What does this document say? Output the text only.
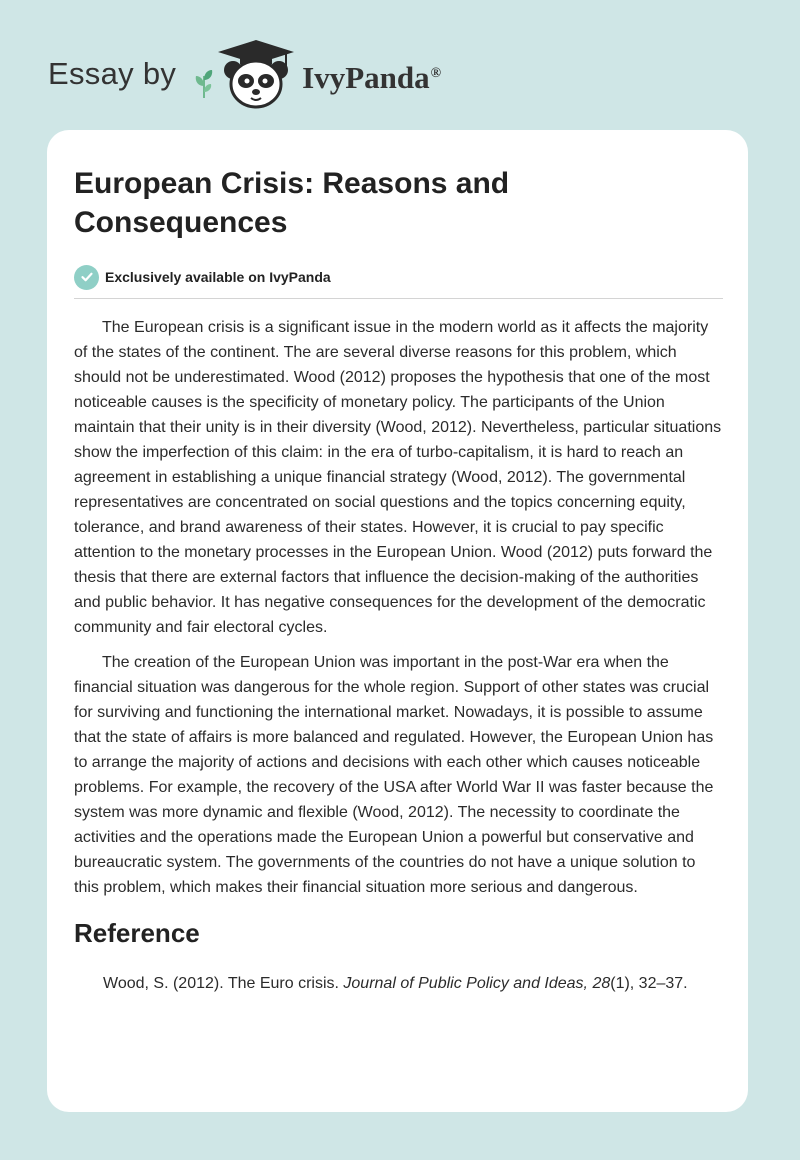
Essay by	IvyPanda®
European Crisis: Reasons and Consequences
Exclusively available on IvyPanda

The European crisis is a significant issue in the modern world as it affects the majority of the states of the continent. The are several diverse reasons for this problem, which should not be underestimated. Wood (2012) proposes the hypothesis that one of the most noticeable causes is the specificity of monetary policy. The participants of the Union maintain that their unity is in their diversity (Wood, 2012). Nevertheless, particular situations show the imperfection of this claim: in the era of turbo-capitalism, it is hard to reach an agreement in establishing a unique financial strategy (Wood, 2012). The governmental representatives are concentrated on social questions and the topics concerning equity, tolerance, and brand awareness of their states. However, it is crucial to pay specific attention to the monetary processes in the European Union. Wood (2012) puts forward the thesis that there are external factors that influence the decision-making of the authorities and public behavior. It has negative consequences for the development of the democratic community and fair electoral cycles.

The creation of the European Union was important in the post-War era when the financial situation was dangerous for the whole region. Support of other states was crucial for surviving and functioning the international market. Nowadays, it is possible to assume that the state of affairs is more balanced and regulated. However, the European Union has to arrange the majority of actions and decisions with each other which causes noticeable problems. For example, the recovery of the USA after World War II was faster because the system was more dynamic and flexible (Wood, 2012). The necessity to coordinate the activities and the operations made the European Union a powerful but conservative and bureaucratic system. The governments of the countries do not have a unique solution to this problem, which makes their financial situation more serious and dangerous.

Reference
Wood, S. (2012). The Euro crisis. Journal of Public Policy and Ideas, 28(1), 32–37.
